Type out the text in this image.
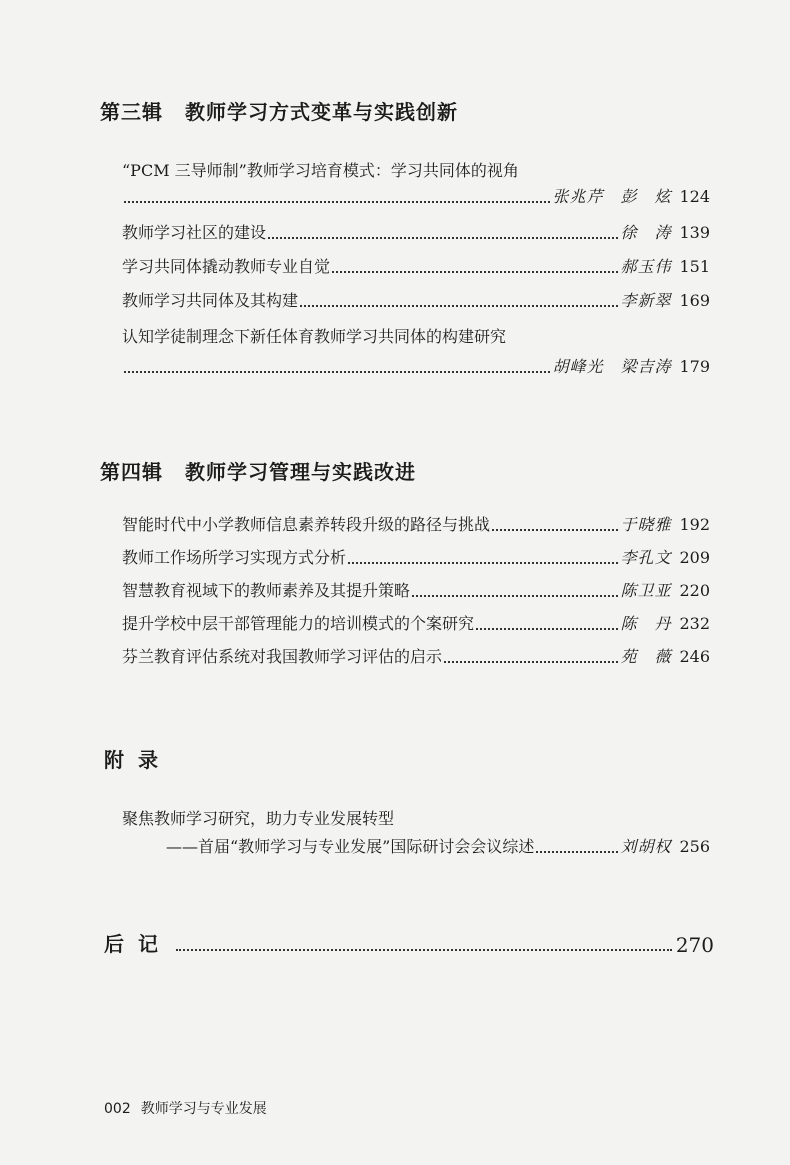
第三辑 教师学习方式变革与实践创新
“PCM 三导师制”教师学习培育模式：学习共同体的视角
张兆芹　彭　炫 124
教师学习社区的建设	徐　涛 139
学习共同体撬动教师专业自觉	郝玉伟 151
教师学习共同体及其构建	李新翠 169
认知学徒制理念下新任体育教师学习共同体的构建研究
胡峰光　梁吉涛 179
第四辑 教师学习管理与实践改进
智能时代中小学教师信息素养转段升级的路径与挑战	于晓雅 192
教师工作场所学习实现方式分析	李孔文 209
智慧教育视域下的教师素养及其提升策略	陈卫亚 220
提升学校中层干部管理能力的培训模式的个案研究	陈　丹 232
芬兰教育评估系统对我国教师学习评估的启示	苑　薇 246
附录
聚焦教师学习研究，助力专业发展转型
——首届“教师学习与专业发展”国际研讨会会议综述	刘胡权 256
后记	270
002 教师学习与专业发展
